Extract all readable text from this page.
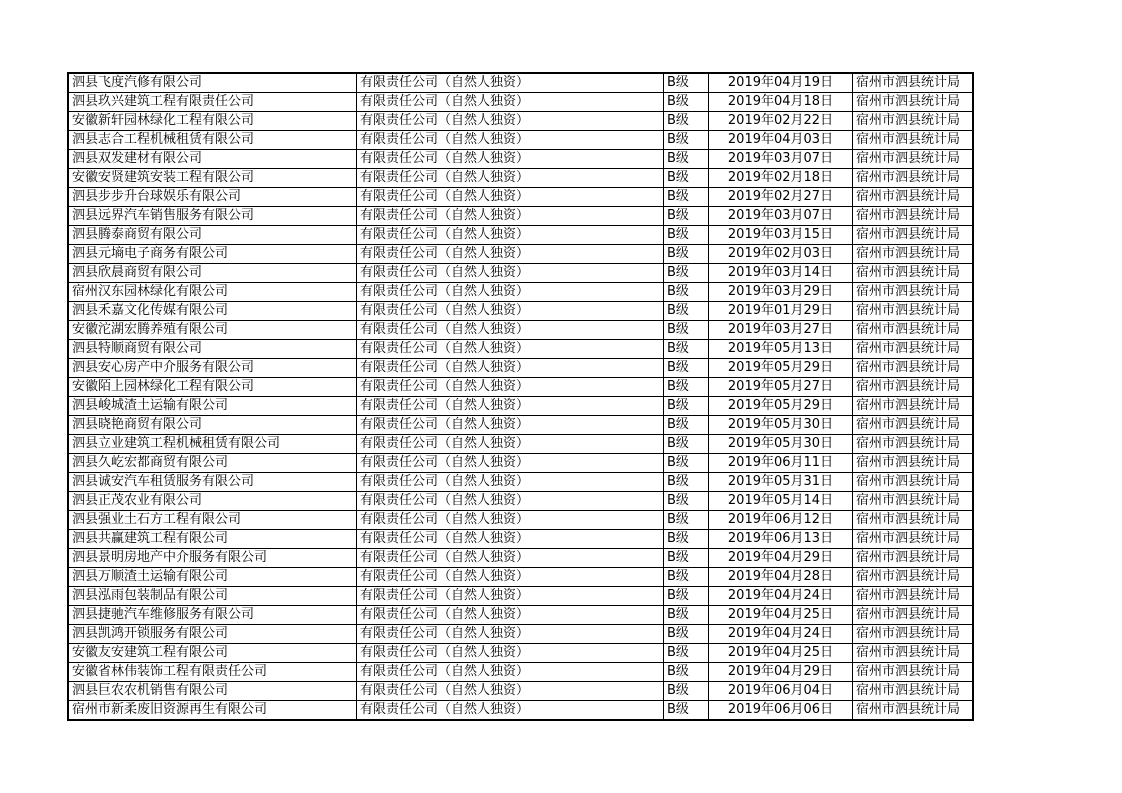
泗县飞度汽修有限公司	有限责任公司（自然人独资）	B级	2019年04月19日	宿州市泗县统计局
泗县玖兴建筑工程有限责任公司	有限责任公司（自然人独资）	B级	2019年04月18日	宿州市泗县统计局
安徽新轩园林绿化工程有限公司	有限责任公司（自然人独资）	B级	2019年02月22日	宿州市泗县统计局
泗县志合工程机械租赁有限公司	有限责任公司（自然人独资）	B级	2019年04月03日	宿州市泗县统计局
泗县双发建材有限公司	有限责任公司（自然人独资）	B级	2019年03月07日	宿州市泗县统计局
安徽安贤建筑安装工程有限公司	有限责任公司（自然人独资）	B级	2019年02月18日	宿州市泗县统计局
泗县步步升台球娱乐有限公司	有限责任公司（自然人独资）	B级	2019年02月27日	宿州市泗县统计局
泗县远界汽车销售服务有限公司	有限责任公司（自然人独资）	B级	2019年03月07日	宿州市泗县统计局
泗县腾泰商贸有限公司	有限责任公司（自然人独资）	B级	2019年03月15日	宿州市泗县统计局
泗县元墒电子商务有限公司	有限责任公司（自然人独资）	B级	2019年02月03日	宿州市泗县统计局
泗县欣晨商贸有限公司	有限责任公司（自然人独资）	B级	2019年03月14日	宿州市泗县统计局
宿州汉东园林绿化有限公司	有限责任公司（自然人独资）	B级	2019年03月29日	宿州市泗县统计局
泗县禾嘉文化传媒有限公司	有限责任公司（自然人独资）	B级	2019年01月29日	宿州市泗县统计局
安徽沱湖宏腾养殖有限公司	有限责任公司（自然人独资）	B级	2019年03月27日	宿州市泗县统计局
泗县特顺商贸有限公司	有限责任公司（自然人独资）	B级	2019年05月13日	宿州市泗县统计局
泗县安心房产中介服务有限公司	有限责任公司（自然人独资）	B级	2019年05月29日	宿州市泗县统计局
安徽陌上园林绿化工程有限公司	有限责任公司（自然人独资）	B级	2019年05月27日	宿州市泗县统计局
泗县峻城渣土运输有限公司	有限责任公司（自然人独资）	B级	2019年05月29日	宿州市泗县统计局
泗县晓艳商贸有限公司	有限责任公司（自然人独资）	B级	2019年05月30日	宿州市泗县统计局
泗县立业建筑工程机械租赁有限公司	有限责任公司（自然人独资）	B级	2019年05月30日	宿州市泗县统计局
泗县久屹宏都商贸有限公司	有限责任公司（自然人独资）	B级	2019年06月11日	宿州市泗县统计局
泗县诚安汽车租赁服务有限公司	有限责任公司（自然人独资）	B级	2019年05月31日	宿州市泗县统计局
泗县正茂农业有限公司	有限责任公司（自然人独资）	B级	2019年05月14日	宿州市泗县统计局
泗县强业土石方工程有限公司	有限责任公司（自然人独资）	B级	2019年06月12日	宿州市泗县统计局
泗县共赢建筑工程有限公司	有限责任公司（自然人独资）	B级	2019年06月13日	宿州市泗县统计局
泗县景明房地产中介服务有限公司	有限责任公司（自然人独资）	B级	2019年04月29日	宿州市泗县统计局
泗县万顺渣土运输有限公司	有限责任公司（自然人独资）	B级	2019年04月28日	宿州市泗县统计局
泗县泓雨包装制品有限公司	有限责任公司（自然人独资）	B级	2019年04月24日	宿州市泗县统计局
泗县捷驰汽车维修服务有限公司	有限责任公司（自然人独资）	B级	2019年04月25日	宿州市泗县统计局
泗县凯鸿开锁服务有限公司	有限责任公司（自然人独资）	B级	2019年04月24日	宿州市泗县统计局
安徽友安建筑工程有限公司	有限责任公司（自然人独资）	B级	2019年04月25日	宿州市泗县统计局
安徽省林伟装饰工程有限责任公司	有限责任公司（自然人独资）	B级	2019年04月29日	宿州市泗县统计局
泗县巨农农机销售有限公司	有限责任公司（自然人独资）	B级	2019年06月04日	宿州市泗县统计局
宿州市新柔废旧资源再生有限公司	有限责任公司（自然人独资）	B级	2019年06月06日	宿州市泗县统计局
